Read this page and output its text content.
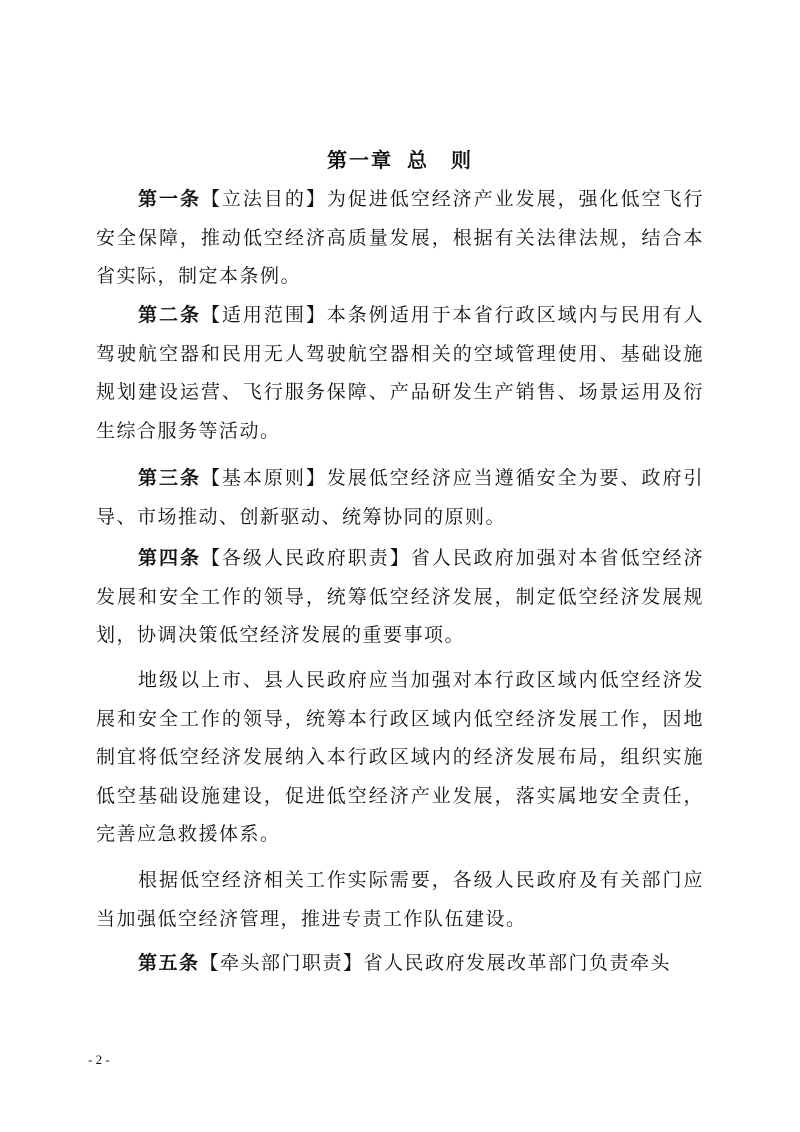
第一章 总　则

第一条【立法目的】为促进低空经济产业发展，强化低空飞行安全保障，推动低空经济高质量发展，根据有关法律法规，结合本省实际，制定本条例。

第二条【适用范围】本条例适用于本省行政区域内与民用有人驾驶航空器和民用无人驾驶航空器相关的空域管理使用、基础设施规划建设运营、飞行服务保障、产品研发生产销售、场景运用及衍生综合服务等活动。

第三条【基本原则】发展低空经济应当遵循安全为要、政府引导、市场推动、创新驱动、统筹协同的原则。

第四条【各级人民政府职责】省人民政府加强对本省低空经济发展和安全工作的领导，统筹低空经济发展，制定低空经济发展规划，协调决策低空经济发展的重要事项。

地级以上市、县人民政府应当加强对本行政区域内低空经济发展和安全工作的领导，统筹本行政区域内低空经济发展工作，因地制宜将低空经济发展纳入本行政区域内的经济发展布局，组织实施低空基础设施建设，促进低空经济产业发展，落实属地安全责任，完善应急救援体系。

根据低空经济相关工作实际需要，各级人民政府及有关部门应当加强低空经济管理，推进专责工作队伍建设。

第五条【牵头部门职责】省人民政府发展改革部门负责牵头

- 2 -
